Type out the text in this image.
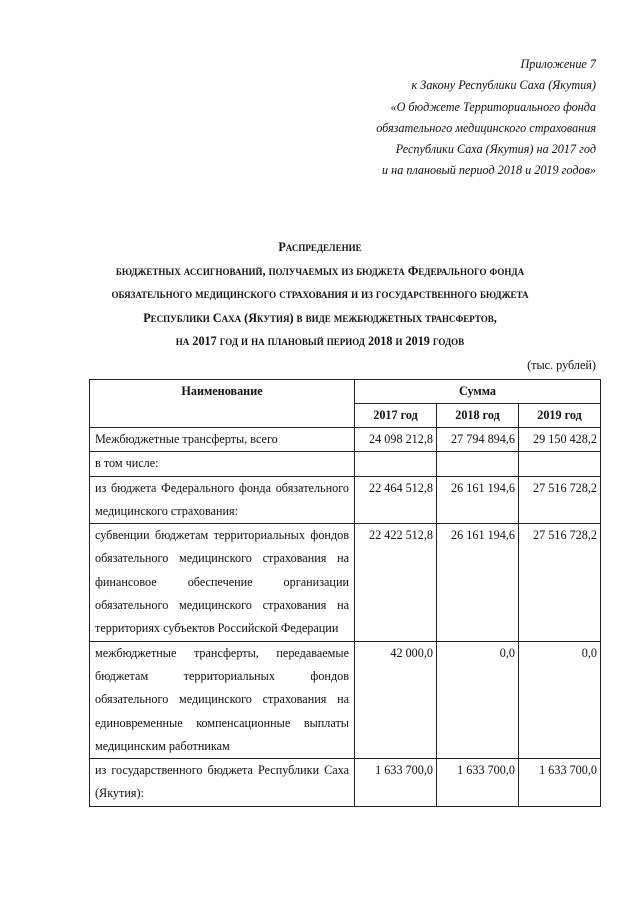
Приложение 7
к Закону Республики Саха (Якутия)
«О бюджете Территориального фонда
обязательного медицинского страхования
Республики Саха (Якутия) на 2017 год
и на плановый период 2018 и 2019 годов»
Распределение
бюджетных ассигнований, получаемых из бюджета Федерального фонда
обязательного медицинского страхования и из государственного бюджета
Республики Саха (Якутия) в виде межбюджетных трансфертов,
на 2017 год и на плановый период 2018 и 2019 годов
(тыс. рублей)
Наименование	Сумма		
	2017 год	2018 год	2019 год
Межбюджетные трансферты, всего	24 098 212,8	27 794 894,6	29 150 428,2
в том числе:			
из бюджета Федерального фонда обязательного медицинского страхования:	22 464 512,8	26 161 194,6	27 516 728,2
субвенции бюджетам территориальных фондов обязательного медицинского страхования на финансовое обеспечение организации обязательного медицинского страхования на территориях субъектов Российской Федерации	22 422 512,8	26 161 194,6	27 516 728,2
межбюджетные трансферты, передаваемые бюджетам территориальных фондов обязательного медицинского страхования на единовременные компенсационные выплаты медицинским работникам	42 000,0	0,0	0,0
из государственного бюджета Республики Саха (Якутия):	1 633 700,0	1 633 700,0	1 633 700,0
